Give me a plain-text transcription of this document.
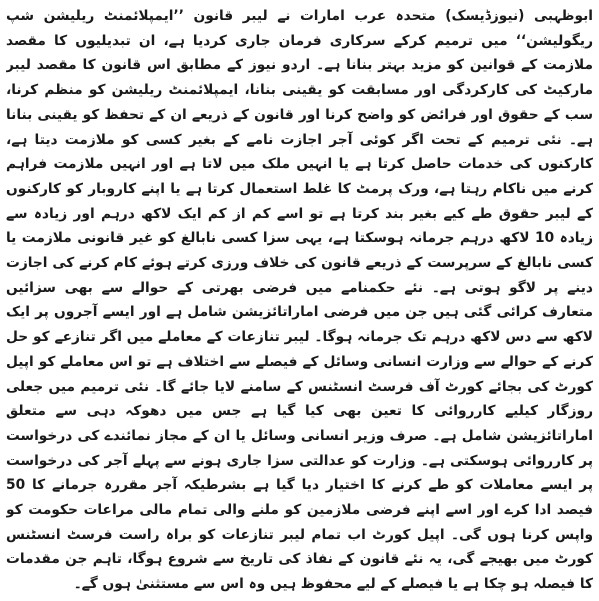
ابوظہبی (نیوزڈیسک) متحدہ عرب امارات نے لیبر قانون ’’ایمپلائمنٹ ریلیشن شپ ریگولیشن‘‘ میں ترمیم کرکے سرکاری فرمان جاری کردیا ہے، ان تبدیلیوں کا مقصد ملازمت کے قوانین کو مزید بہتر بنانا ہے۔ اردو نیوز کے مطابق اس قانون کا مقصد لیبر مارکیٹ کی کارکردگی اور مسابقت کو یقینی بنانا، ایمپلائمنٹ ریلیشن کو منظم کرنا، سب کے حقوق اور فرائض کو واضح کرنا اور قانون کے ذریعے ان کے تحفظ کو یقینی بنانا ہے۔ نئی ترمیم کے تحت اگر کوئی آجر اجازت نامے کے بغیر کسی کو ملازمت دیتا ہے، کارکنوں کی خدمات حاصل کرتا ہے یا انہیں ملک میں لاتا ہے اور انہیں ملازمت فراہم کرنے میں ناکام رہتا ہے، ورک پرمٹ کا غلط استعمال کرتا ہے یا اپنے کاروبار کو کارکنوں کے لیبر حقوق طے کیے بغیر بند کرتا ہے تو اسے کم از کم ایک لاکھ درہم اور زیادہ سے زیادہ 10 لاکھ درہم جرمانہ ہوسکتا ہے، یہی سزا کسی نابالغ کو غیر قانونی ملازمت یا کسی نابالغ کے سرپرست کے ذریعے قانون کی خلاف ورزی کرتے ہوئے کام کرنے کی اجازت دینے پر لاگو ہوتی ہے۔ نئے حکمنامے میں فرضی بھرتی کے حوالے سے بھی سزائیں متعارف کرائی گئی ہیں جن میں فرضی اماراتائزیشن شامل ہے اور ایسے آجروں پر ایک لاکھ سے دس لاکھ درہم تک جرمانہ ہوگا۔ لیبر تنازعات کے معاملے میں اگر تنازعے کو حل کرنے کے حوالے سے وزارت انسانی وسائل کے فیصلے سے اختلاف ہے تو اس معاملے کو اپیل کورٹ کی بجائے کورٹ آف فرسٹ انسٹنس کے سامنے لایا جائے گا۔ نئی ترمیم میں جعلی روزگار کیلیے کارروائی کا تعین بھی کیا گیا ہے جس میں دھوکہ دہی سے متعلق اماراتائزیشن شامل ہے۔ صرف وزیر انسانی وسائل یا ان کے مجاز نمائندے کی درخواست پر کارروائی ہوسکتی ہے۔ وزارت کو عدالتی سزا جاری ہونے سے پہلے آجر کی درخواست پر ایسے معاملات کو طے کرنے کا اختیار دیا گیا ہے بشرطیکہ آجر مقررہ جرمانے کا 50 فیصد ادا کرے اور اسے اپنے فرضی ملازمین کو ملنے والی تمام مالی مراعات حکومت کو واپس کرنا ہوں گی۔ اپیل کورٹ اب تمام لیبر تنازعات کو براہ راست فرسٹ انسٹنس کورٹ میں بھیجے گی، یہ نئے قانون کے نفاذ کی تاریخ سے شروع ہوگا، تاہم جن مقدمات کا فیصلہ ہو چکا ہے یا فیصلے کے لیے محفوظ ہیں وہ اس سے مستثنیٰ ہوں گے۔
